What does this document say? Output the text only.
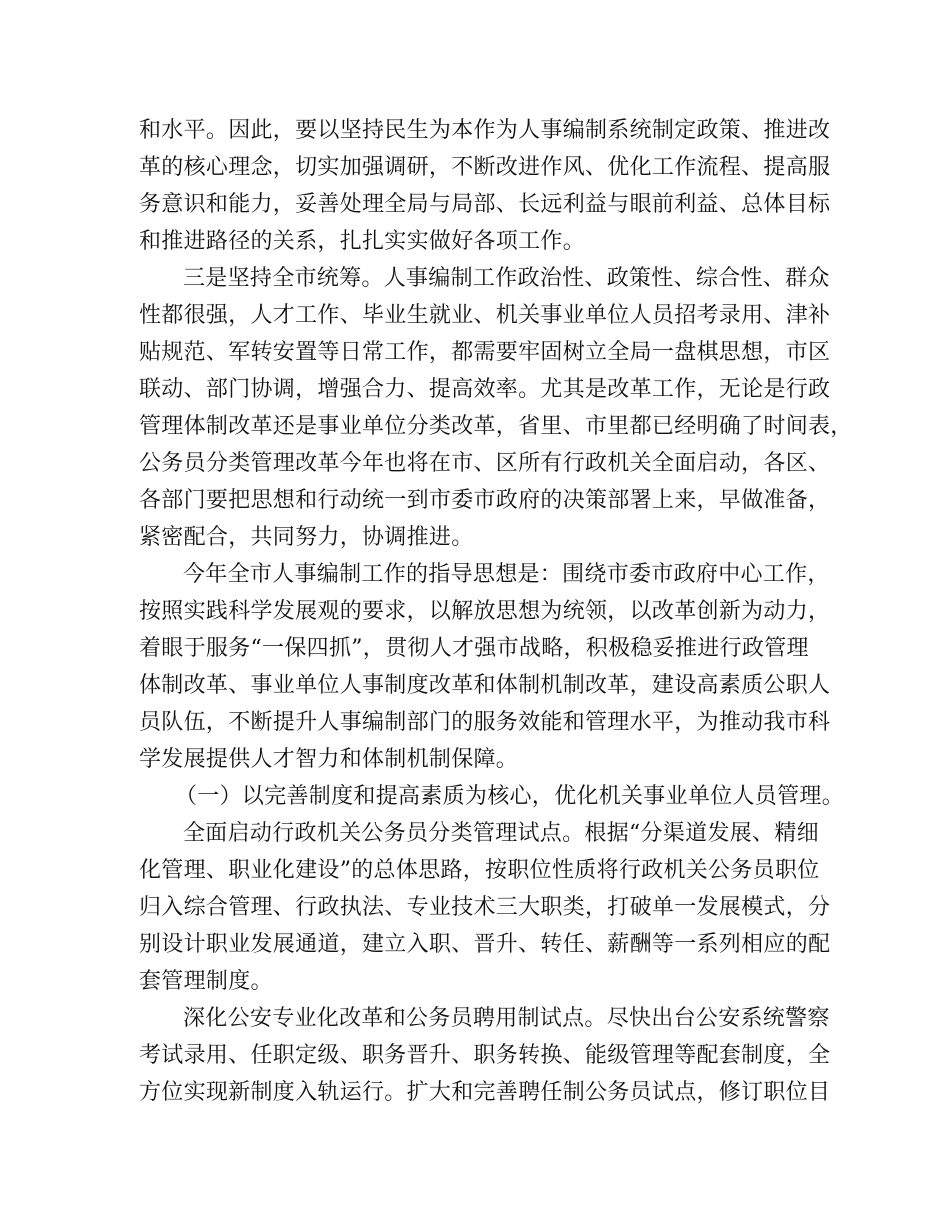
和水平。因此，要以坚持民生为本作为人事编制系统制定政策、推进改
革的核心理念，切实加强调研，不断改进作风、优化工作流程、提高服
务意识和能力，妥善处理全局与局部、长远利益与眼前利益、总体目标
和推进路径的关系，扎扎实实做好各项工作。
三是坚持全市统筹。人事编制工作政治性、政策性、综合性、群众
性都很强，人才工作、毕业生就业、机关事业单位人员招考录用、津补
贴规范、军转安置等日常工作，都需要牢固树立全局一盘棋思想，市区
联动、部门协调，增强合力、提高效率。尤其是改革工作，无论是行政
管理体制改革还是事业单位分类改革，省里、市里都已经明确了时间表，
公务员分类管理改革今年也将在市、区所有行政机关全面启动，各区、
各部门要把思想和行动统一到市委市政府的决策部署上来，早做准备，
紧密配合，共同努力，协调推进。
今年全市人事编制工作的指导思想是：围绕市委市政府中心工作，
按照实践科学发展观的要求，以解放思想为统领，以改革创新为动力，
着眼于服务“一保四抓”，贯彻人才强市战略，积极稳妥推进行政管理
体制改革、事业单位人事制度改革和体制机制改革，建设高素质公职人
员队伍，不断提升人事编制部门的服务效能和管理水平，为推动我市科
学发展提供人才智力和体制机制保障。
（一）以完善制度和提高素质为核心，优化机关事业单位人员管理。
全面启动行政机关公务员分类管理试点。根据“分渠道发展、精细
化管理、职业化建设”的总体思路，按职位性质将行政机关公务员职位
归入综合管理、行政执法、专业技术三大职类，打破单一发展模式，分
别设计职业发展通道，建立入职、晋升、转任、薪酬等一系列相应的配
套管理制度。
深化公安专业化改革和公务员聘用制试点。尽快出台公安系统警察
考试录用、任职定级、职务晋升、职务转换、能级管理等配套制度，全
方位实现新制度入轨运行。扩大和完善聘任制公务员试点，修订职位目
